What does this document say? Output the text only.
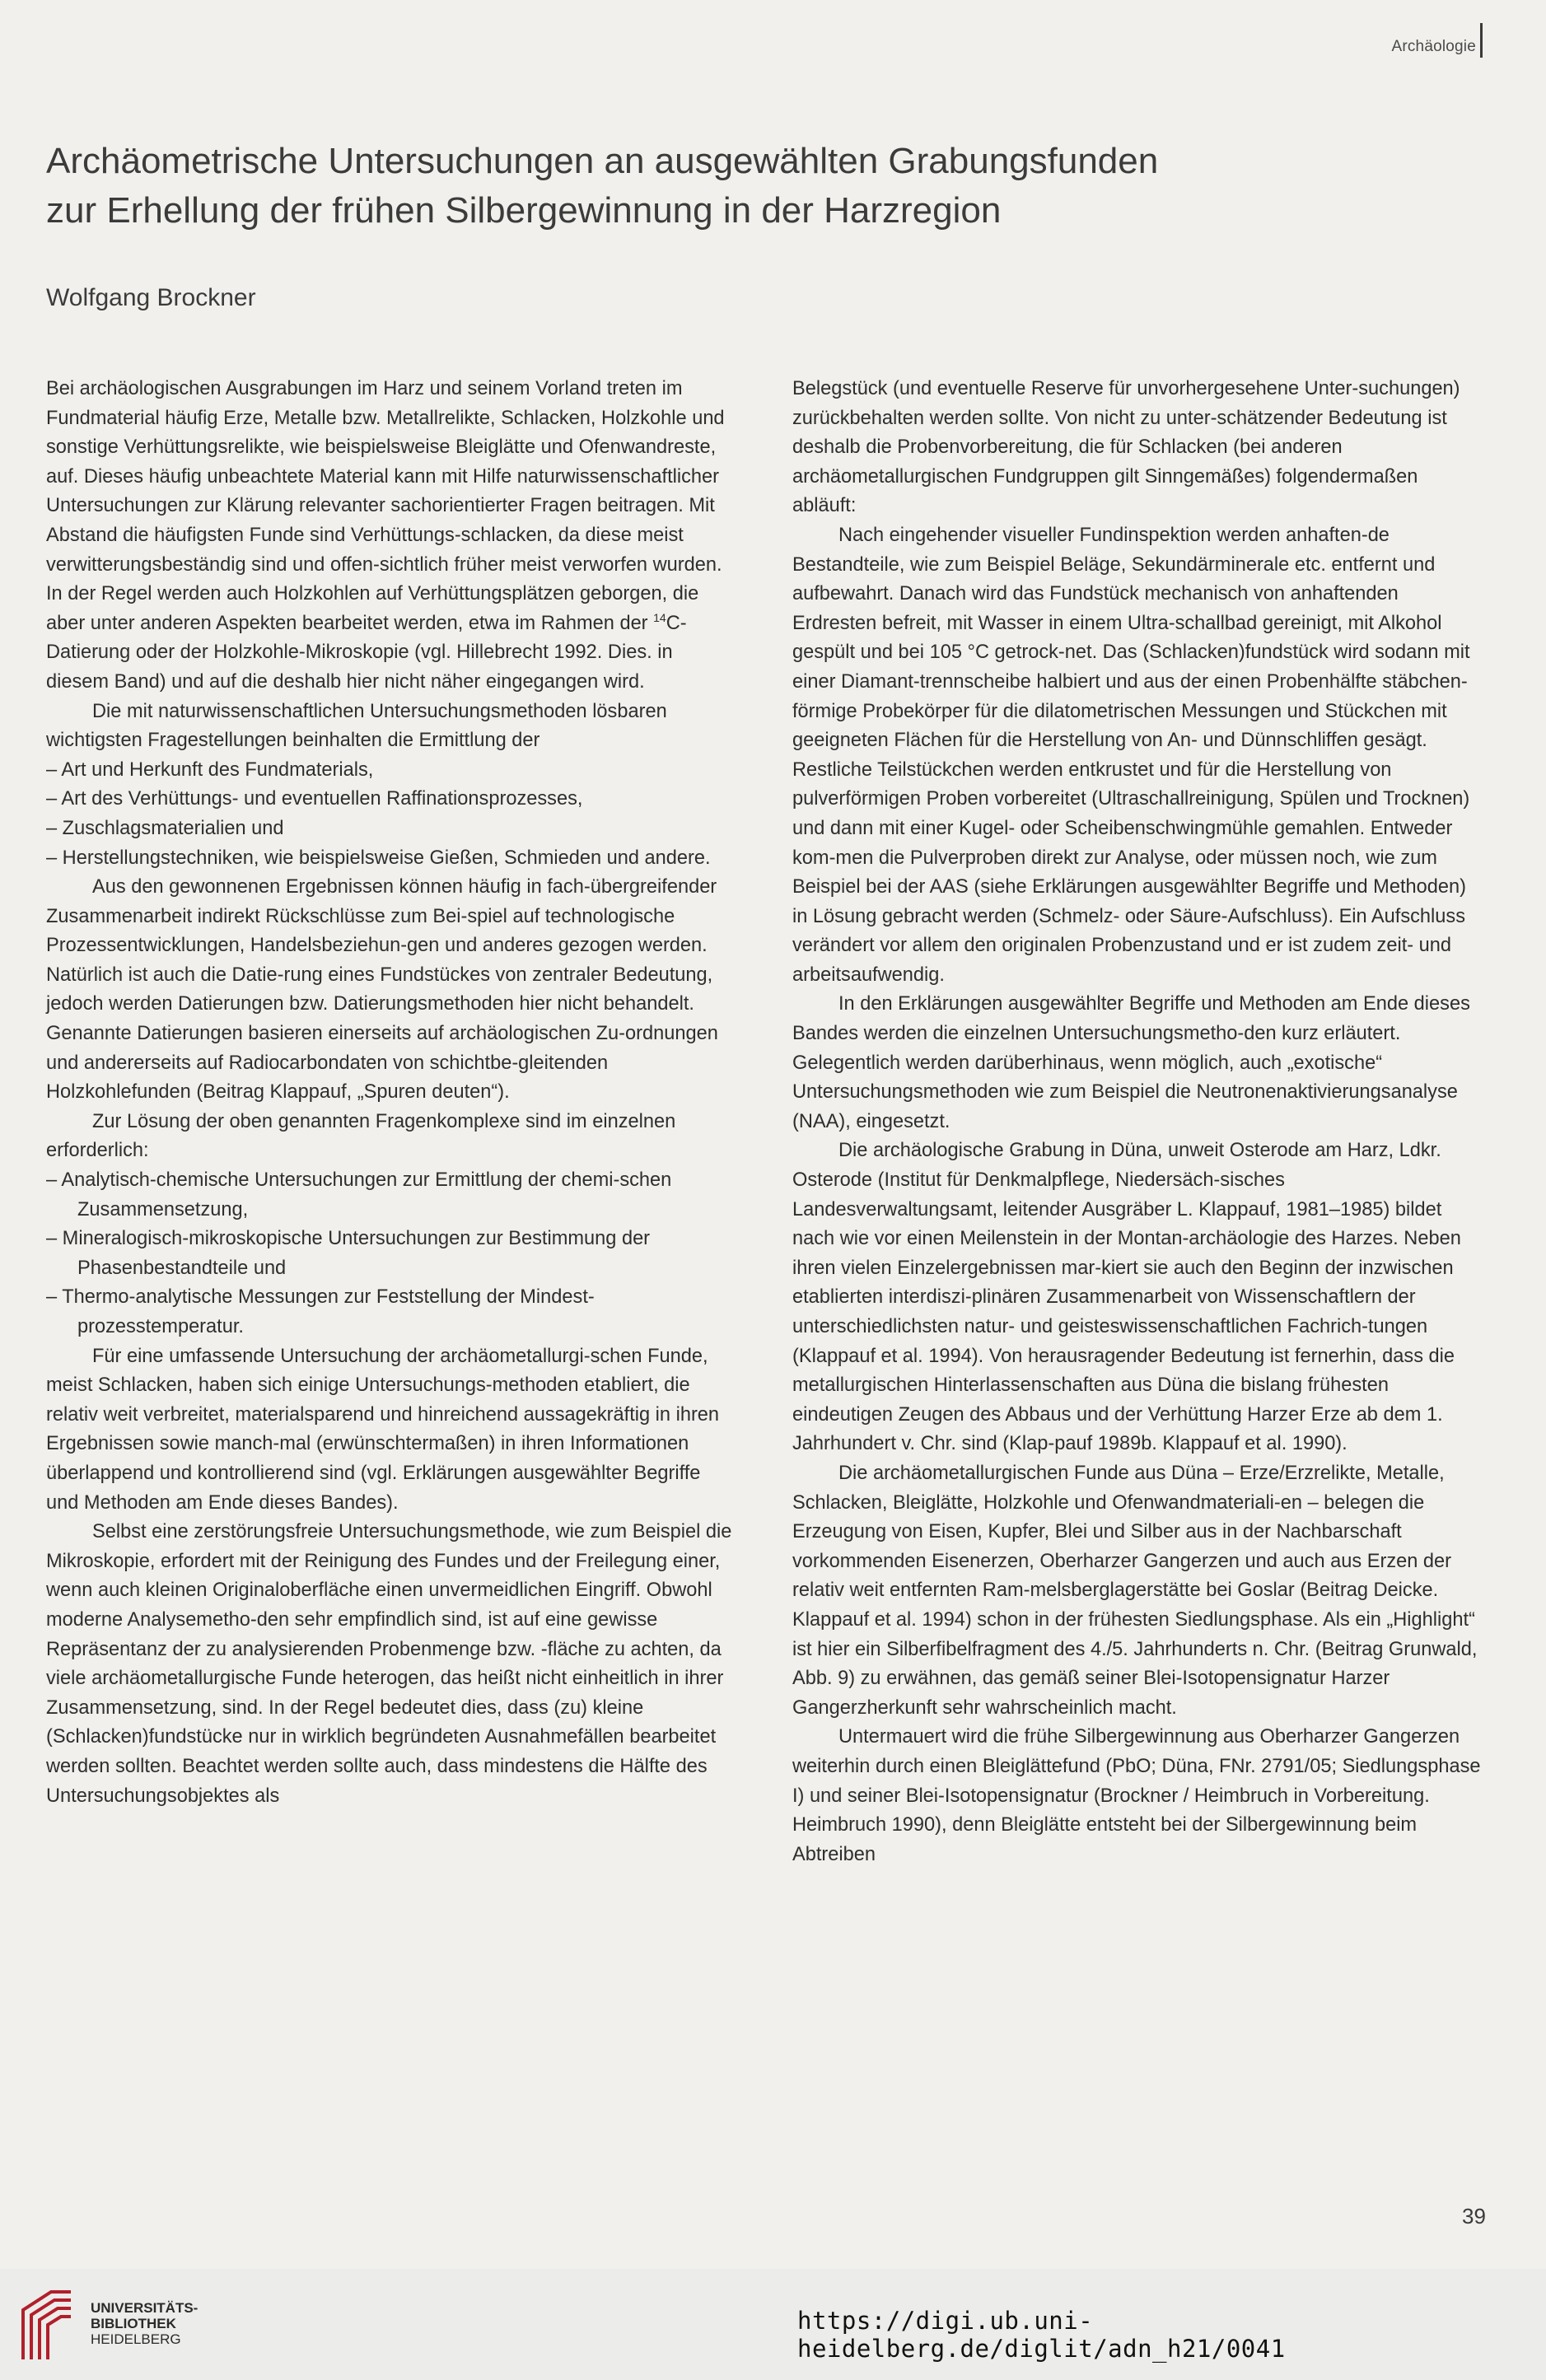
Archäologie
Archäometrische Untersuchungen an ausgewählten Grabungsfunden
zur Erhellung der frühen Silbergewinnung in der Harzregion
Wolfgang Brockner

Bei archäologischen Ausgrabungen im Harz und seinem Vorland treten im Fundmaterial häufig Erze, Metalle bzw. Metallrelikte, Schlacken, Holzkohle und sonstige Verhüttungsrelikte, wie beispielsweise Bleiglätte und Ofenwandreste, auf. Dieses häufig unbeachtete Material kann mit Hilfe naturwissenschaftlicher Untersuchungen zur Klärung relevanter sachorientierter Fragen beitragen. Mit Abstand die häufigsten Funde sind Verhüttungs-schlacken, da diese meist verwitterungsbeständig sind und offen-sichtlich früher meist verworfen wurden. In der Regel werden auch Holzkohlen auf Verhüttungsplätzen geborgen, die aber unter anderen Aspekten bearbeitet werden, etwa im Rahmen der $^{14}$C-Datierung oder der Holzkohle-Mikroskopie (vgl. Hillebrecht 1992. Dies. in diesem Band) und auf die deshalb hier nicht näher eingegangen wird.

Die mit naturwissenschaftlichen Untersuchungsmethoden lösbaren wichtigsten Fragestellungen beinhalten die Ermittlung der

– Art und Herkunft des Fundmaterials,

– Art des Verhüttungs- und eventuellen Raffinationsprozesses,

– Zuschlagsmaterialien und

– Herstellungstechniken, wie beispielsweise Gießen, Schmieden und andere.

Aus den gewonnenen Ergebnissen können häufig in fach-übergreifender Zusammenarbeit indirekt Rückschlüsse zum Bei-spiel auf technologische Prozessentwicklungen, Handelsbeziehun-gen und anderes gezogen werden. Natürlich ist auch die Datie-rung eines Fundstückes von zentraler Bedeutung, jedoch werden Datierungen bzw. Datierungsmethoden hier nicht behandelt. Genannte Datierungen basieren einerseits auf archäologischen Zu-ordnungen und andererseits auf Radiocarbondaten von schichtbe-gleitenden Holzkohlefunden (Beitrag Klappauf, „Spuren deuten“).

Zur Lösung der oben genannten Fragenkomplexe sind im einzelnen erforderlich:

– Analytisch-chemische Untersuchungen zur Ermittlung der chemi-schen Zusammensetzung,

– Mineralogisch-mikroskopische Untersuchungen zur Bestimmung der Phasenbestandteile und

– Thermo-analytische Messungen zur Feststellung der Mindest-prozesstemperatur.

Für eine umfassende Untersuchung der archäometallurgi-schen Funde, meist Schlacken, haben sich einige Untersuchungs-methoden etabliert, die relativ weit verbreitet, materialsparend und hinreichend aussagekräftig in ihren Ergebnissen sowie manch-mal (erwünschtermaßen) in ihren Informationen überlappend und kontrollierend sind (vgl. Erklärungen ausgewählter Begriffe und Methoden am Ende dieses Bandes).

Selbst eine zerstörungsfreie Untersuchungsmethode, wie zum Beispiel die Mikroskopie, erfordert mit der Reinigung des Fundes und der Freilegung einer, wenn auch kleinen Originaloberfläche einen unvermeidlichen Eingriff. Obwohl moderne Analysemetho-den sehr empfindlich sind, ist auf eine gewisse Repräsentanz der zu analysierenden Probenmenge bzw. -fläche zu achten, da viele archäometallurgische Funde heterogen, das heißt nicht einheitlich in ihrer Zusammensetzung, sind. In der Regel bedeutet dies, dass (zu) kleine (Schlacken)fundstücke nur in wirklich begründeten Ausnahmefällen bearbeitet werden sollten. Beachtet werden sollte auch, dass mindestens die Hälfte des Untersuchungsobjektes als

Belegstück (und eventuelle Reserve für unvorhergesehene Unter-suchungen) zurückbehalten werden sollte. Von nicht zu unter-schätzender Bedeutung ist deshalb die Probenvorbereitung, die für Schlacken (bei anderen archäometallurgischen Fundgruppen gilt Sinngemäßes) folgendermaßen abläuft:

Nach eingehender visueller Fundinspektion werden anhaften-de Bestandteile, wie zum Beispiel Beläge, Sekundärminerale etc. entfernt und aufbewahrt. Danach wird das Fundstück mechanisch von anhaftenden Erdresten befreit, mit Wasser in einem Ultra-schallbad gereinigt, mit Alkohol gespült und bei 105 °C getrock-net. Das (Schlacken)fundstück wird sodann mit einer Diamant-trennscheibe halbiert und aus der einen Probenhälfte stäbchen-förmige Probekörper für die dilatometrischen Messungen und Stückchen mit geeigneten Flächen für die Herstellung von An- und Dünnschliffen gesägt. Restliche Teilstückchen werden entkrustet und für die Herstellung von pulverförmigen Proben vorbereitet (Ultraschallreinigung, Spülen und Trocknen) und dann mit einer Kugel- oder Scheibenschwingmühle gemahlen. Entweder kom-men die Pulverproben direkt zur Analyse, oder müssen noch, wie zum Beispiel bei der AAS (siehe Erklärungen ausgewählter Begriffe und Methoden) in Lösung gebracht werden (Schmelz- oder Säure-Aufschluss). Ein Aufschluss verändert vor allem den originalen Probenzustand und er ist zudem zeit- und arbeitsaufwendig.

In den Erklärungen ausgewählter Begriffe und Methoden am Ende dieses Bandes werden die einzelnen Untersuchungsmetho-den kurz erläutert. Gelegentlich werden darüberhinaus, wenn möglich, auch „exotische“ Untersuchungsmethoden wie zum Beispiel die Neutronenaktivierungsanalyse (NAA), eingesetzt.

Die archäologische Grabung in Düna, unweit Osterode am Harz, Ldkr. Osterode (Institut für Denkmalpflege, Niedersäch-sisches Landesverwaltungsamt, leitender Ausgräber L. Klappauf, 1981–1985) bildet nach wie vor einen Meilenstein in der Montan-archäologie des Harzes. Neben ihren vielen Einzelergebnissen mar-kiert sie auch den Beginn der inzwischen etablierten interdiszi-plinären Zusammenarbeit von Wissenschaftlern der unterschiedlichsten natur- und geisteswissenschaftlichen Fachrich-tungen (Klappauf et al. 1994). Von herausragender Bedeutung ist fernerhin, dass die metallurgischen Hinterlassenschaften aus Düna die bislang frühesten eindeutigen Zeugen des Abbaus und der Verhüttung Harzer Erze ab dem 1. Jahrhundert v. Chr. sind (Klap-pauf 1989b. Klappauf et al. 1990).

Die archäometallurgischen Funde aus Düna – Erze/Erzrelikte, Metalle, Schlacken, Bleiglätte, Holzkohle und Ofenwandmateriali-en – belegen die Erzeugung von Eisen, Kupfer, Blei und Silber aus in der Nachbarschaft vorkommenden Eisenerzen, Oberharzer Gangerzen und auch aus Erzen der relativ weit entfernten Ram-melsberglagerstätte bei Goslar (Beitrag Deicke. Klappauf et al. 1994) schon in der frühesten Siedlungsphase. Als ein „Highlight“ ist hier ein Silberfibelfragment des 4./5. Jahrhunderts n. Chr. (Beitrag Grunwald, Abb. 9) zu erwähnen, das gemäß seiner Blei-Isotopensignatur Harzer Gangerzherkunft sehr wahrscheinlich macht.

Untermauert wird die frühe Silbergewinnung aus Oberharzer Gangerzen weiterhin durch einen Bleiglättefund (PbO; Düna, FNr. 2791/05; Siedlungsphase I) und seiner Blei-Isotopensignatur (Brockner / Heimbruch in Vorbereitung. Heimbruch 1990), denn Bleiglätte entsteht bei der Silbergewinnung beim Abtreiben

39
UNIVERSITÄTS-
BIBLIOTHEK
HEIDELBERG
https://digi.ub.uni-heidelberg.de/diglit/adn_h21/0041
